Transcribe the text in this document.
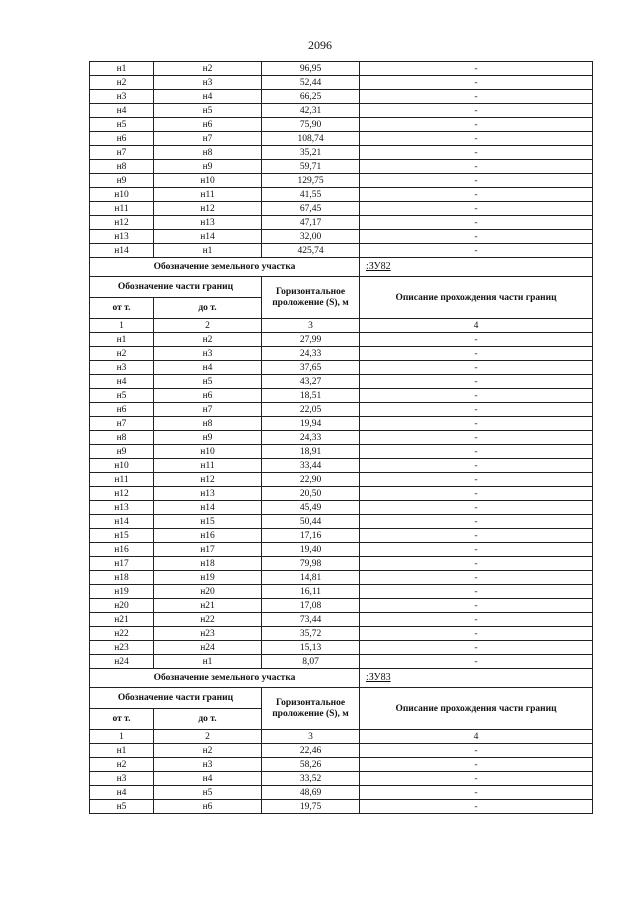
2096
н1	н2	96,95	-
н2	н3	52,44	-
н3	н4	66,25	-
н4	н5	42,31	-
н5	н6	75,90	-
н6	н7	108,74	-
н7	н8	35,21	-
н8	н9	59,71	-
н9	н10	129,75	-
н10	н11	41,55	-
н11	н12	67,45	-
н12	н13	47,17	-
н13	н14	32,00	-
н14	н1	425,74	-
Обозначение земельного участка			:ЗУ82
Обозначение части границ		Горизонтальное проложение (S), м	Описание прохождения части границ
от т.	до т.		
1	2	3	4
н1	н2	27,99	-
н2	н3	24,33	-
н3	н4	37,65	-
н4	н5	43,27	-
н5	н6	18,51	-
н6	н7	22,05	-
н7	н8	19,94	-
н8	н9	24,33	-
н9	н10	18,91	-
н10	н11	33,44	-
н11	н12	22,90	-
н12	н13	20,50	-
н13	н14	45,49	-
н14	н15	50,44	-
н15	н16	17,16	-
н16	н17	19,40	-
н17	н18	79,98	-
н18	н19	14,81	-
н19	н20	16,11	-
н20	н21	17,08	-
н21	н22	73,44	-
н22	н23	35,72	-
н23	н24	15,13	-
н24	н1	8,07	-
Обозначение земельного участка			:ЗУ83
Обозначение части границ		Горизонтальное проложение (S), м	Описание прохождения части границ
от т.	до т.		
1	2	3	4
н1	н2	22,46	-
н2	н3	58,26	-
н3	н4	33,52	-
н4	н5	48,69	-
н5	н6	19,75	-
